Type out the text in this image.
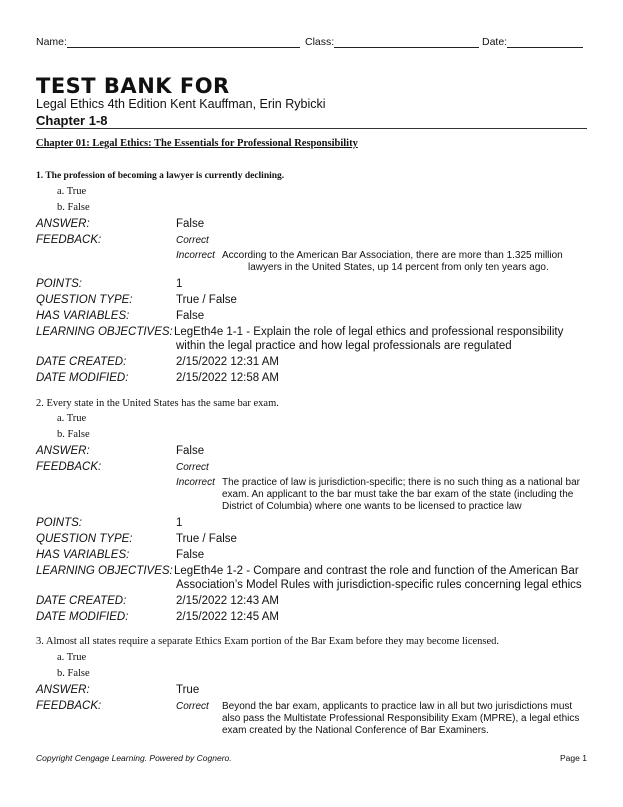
Name:	Class:	Date:
TEST BANK FOR
Legal Ethics 4th Edition Kent Kauffman, Erin Rybicki
Chapter 1-8
Chapter 01: Legal Ethics: The Essentials for Professional Responsibility
1. The profession of becoming a lawyer is currently declining.
a. True
b. False
ANSWER:	False
FEEDBACK:	Correct
Incorrect According to the American Bar Association, there are more than 1.325 million
lawyers in the United States, up 14 percent from only ten years ago.
POINTS:	1
QUESTION TYPE:	True / False
HAS VARIABLES:	False
LEARNING OBJECTIVES: LegEth4e 1-1 - Explain the role of legal ethics and professional responsibility
within the legal practice and how legal professionals are regulated
DATE CREATED:	2/15/2022 12:31 AM
DATE MODIFIED:	2/15/2022 12:58 AM
2. Every state in the United States has the same bar exam.
a. True
b. False
ANSWER:	False
FEEDBACK:	Correct
Incorrect The practice of law is jurisdiction-specific; there is no such thing as a national bar
exam. An applicant to the bar must take the bar exam of the state (including the
District of Columbia) where one wants to be licensed to practice law
POINTS:	1
QUESTION TYPE:	True / False
HAS VARIABLES:	False
LEARNING OBJECTIVES: LegEth4e 1-2 - Compare and contrast the role and function of the American Bar
Association’s Model Rules with jurisdiction-specific rules concerning legal ethics
DATE CREATED:	2/15/2022 12:43 AM
DATE MODIFIED:	2/15/2022 12:45 AM
3. Almost all states require a separate Ethics Exam portion of the Bar Exam before they may become licensed.
a. True
b. False
ANSWER:	True
FEEDBACK:	Correct Beyond the bar exam, applicants to practice law in all but two jurisdictions must
also pass the Multistate Professional Responsibility Exam (MPRE), a legal ethics
exam created by the National Conference of Bar Examiners.
Copyright Cengage Learning. Powered by Cognero.	Page 1
